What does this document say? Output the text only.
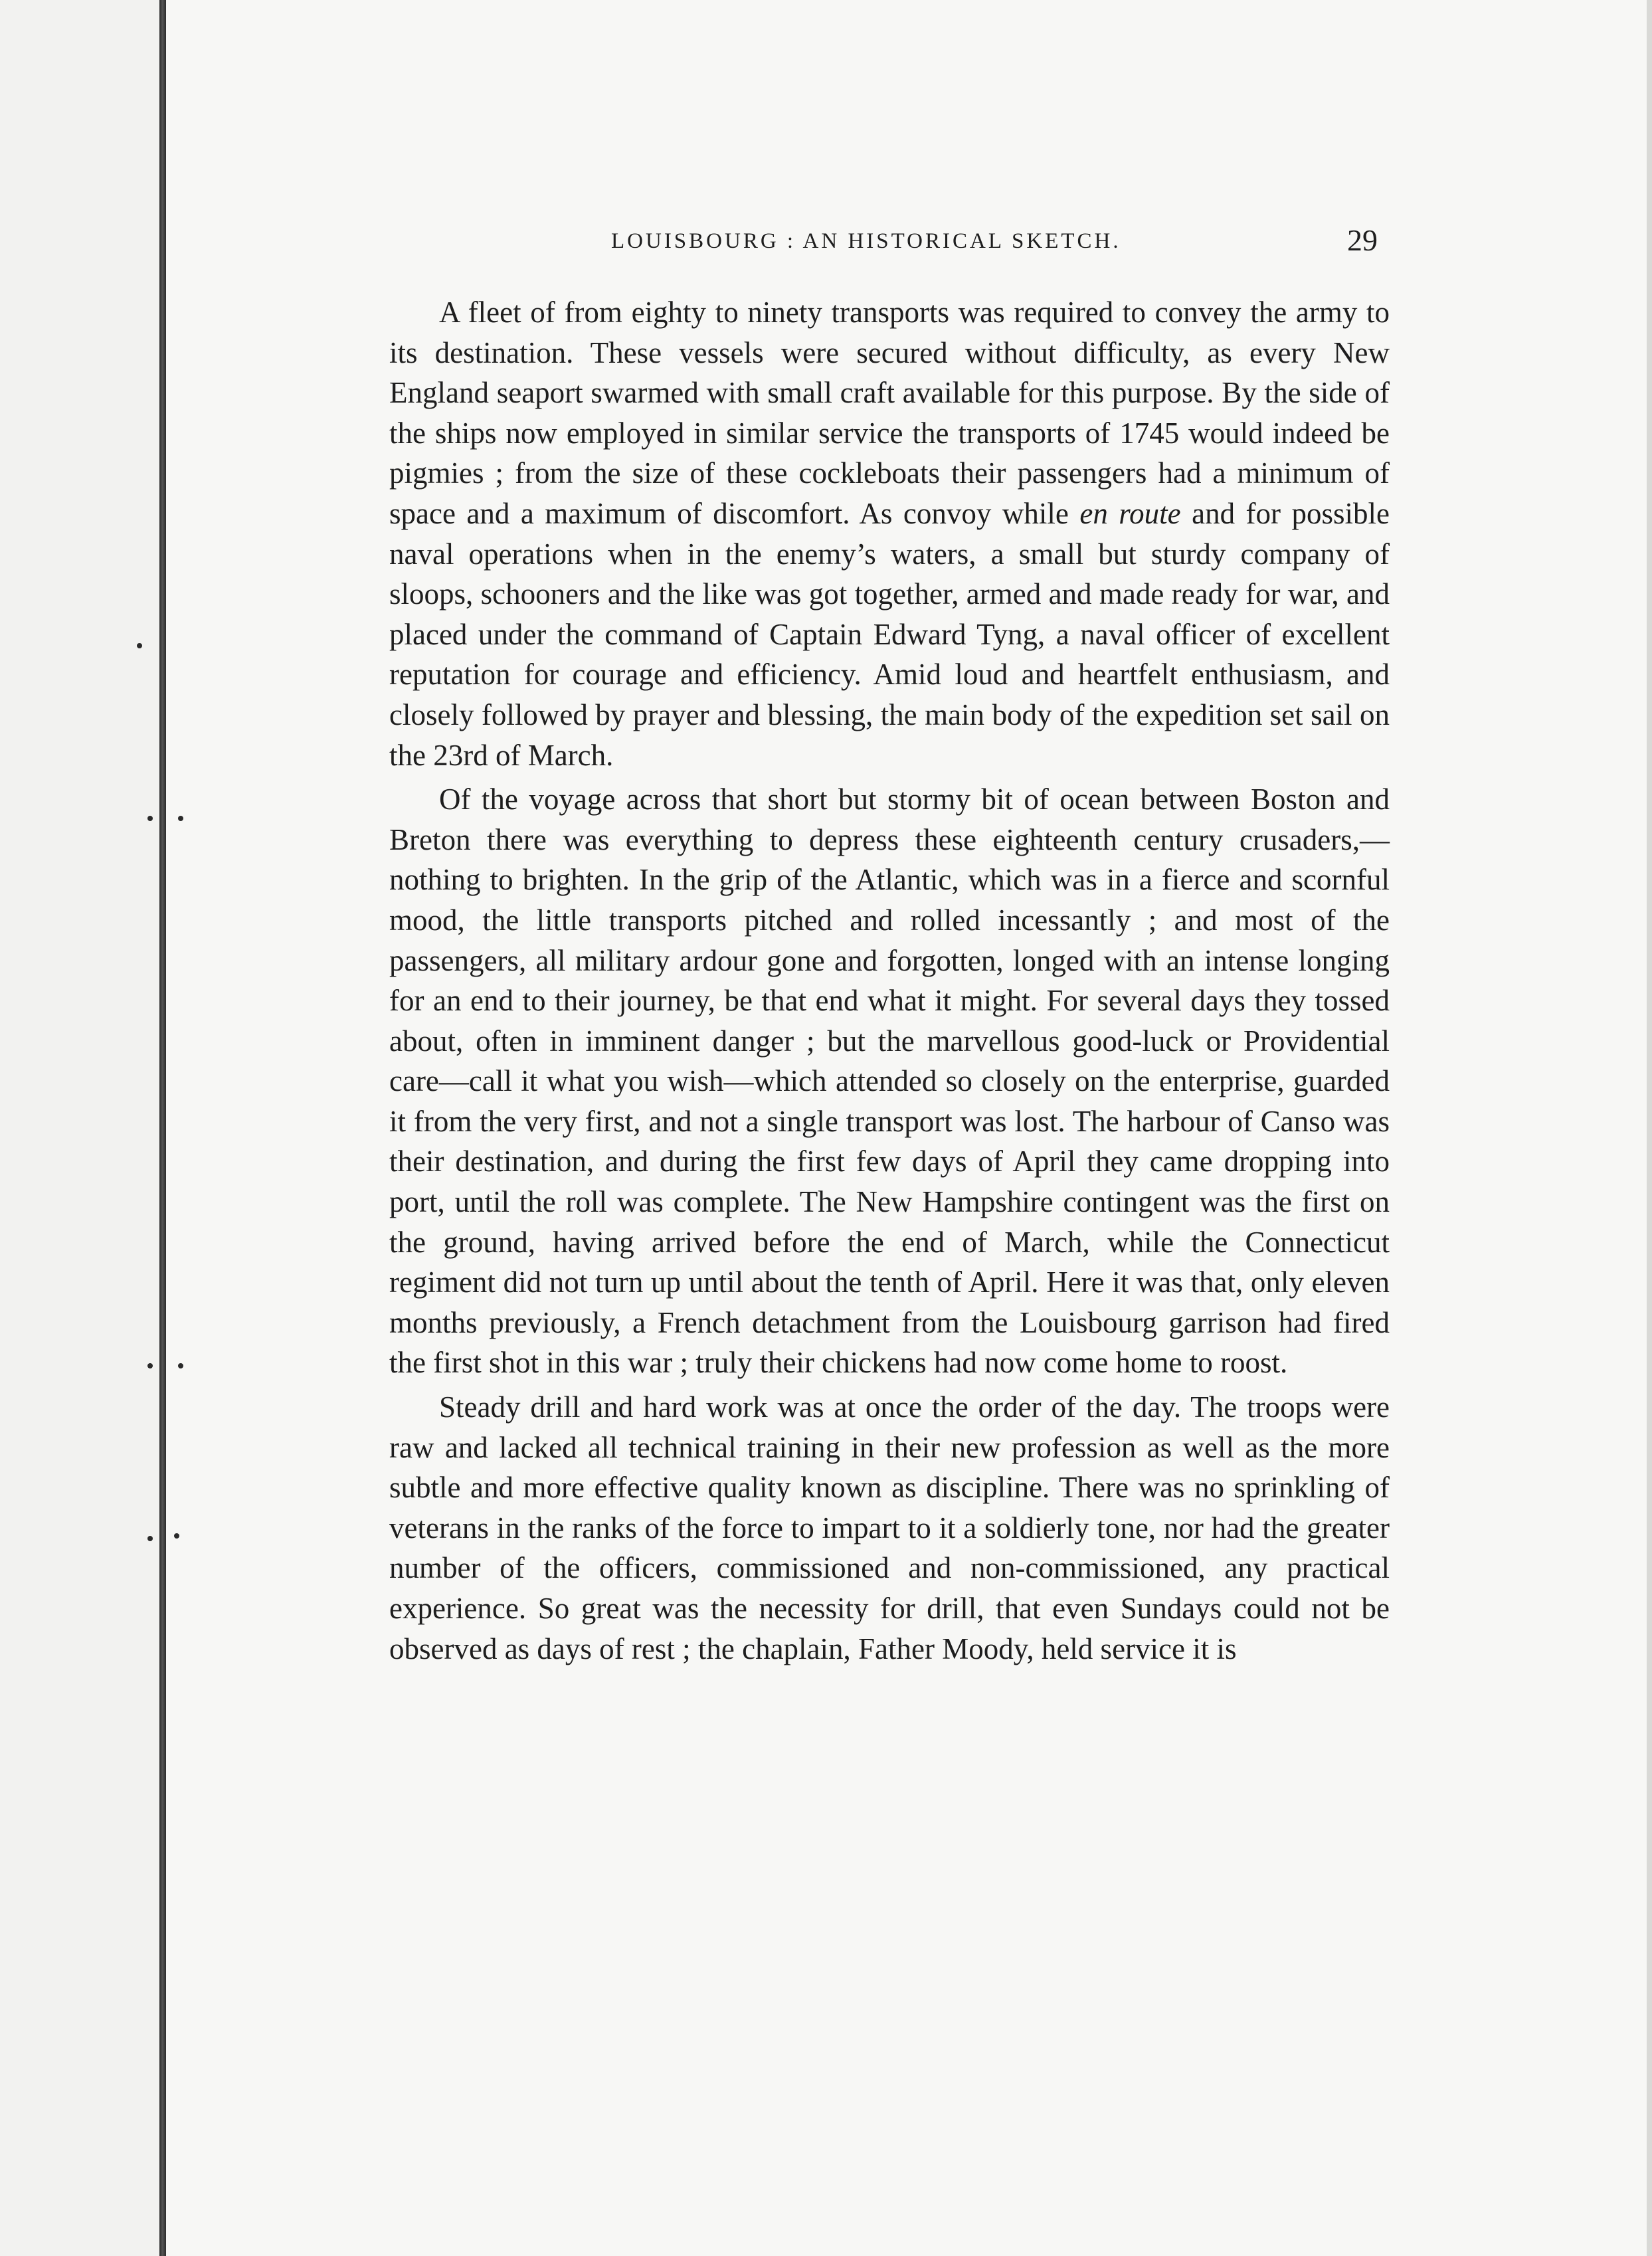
LOUISBOURG : AN HISTORICAL SKETCH.	29

A fleet of from eighty to ninety transports was required to convey the army to its destination. These vessels were secured without difficulty, as every New England seaport swarmed with small craft available for this purpose. By the side of the ships now employed in similar service the transports of 1745 would indeed be pigmies ; from the size of these cockleboats their passengers had a minimum of space and a maximum of discomfort. As convoy while en route and for possible naval operations when in the enemy’s waters, a small but sturdy company of sloops, schooners and the like was got together, armed and made ready for war, and placed under the command of Captain Edward Tyng, a naval officer of excellent reputation for courage and efficiency. Amid loud and heartfelt enthusiasm, and closely followed by prayer and blessing, the main body of the expedition set sail on the 23rd of March.

Of the voyage across that short but stormy bit of ocean between Boston and Breton there was everything to depress these eighteenth century crusaders,—nothing to brighten. In the grip of the Atlantic, which was in a fierce and scornful mood, the little transports pitched and rolled incessantly ; and most of the passengers, all military ardour gone and forgotten, longed with an intense longing for an end to their journey, be that end what it might. For several days they tossed about, often in imminent danger ; but the marvellous good-luck or Providential care—call it what you wish—which attended so closely on the enterprise, guarded it from the very first, and not a single transport was lost. The harbour of Canso was their destination, and during the first few days of April they came dropping into port, until the roll was complete. The New Hampshire contingent was the first on the ground, having arrived before the end of March, while the Connecticut regiment did not turn up until about the tenth of April. Here it was that, only eleven months previously, a French detachment from the Louisbourg garrison had fired the first shot in this war ; truly their chickens had now come home to roost.

Steady drill and hard work was at once the order of the day. The troops were raw and lacked all technical training in their new profession as well as the more subtle and more effective quality known as discipline. There was no sprinkling of veterans in the ranks of the force to impart to it a soldierly tone, nor had the greater number of the officers, commissioned and non-commissioned, any practical experience. So great was the necessity for drill, that even Sundays could not be observed as days of rest ; the chaplain, Father Moody, held service it is
